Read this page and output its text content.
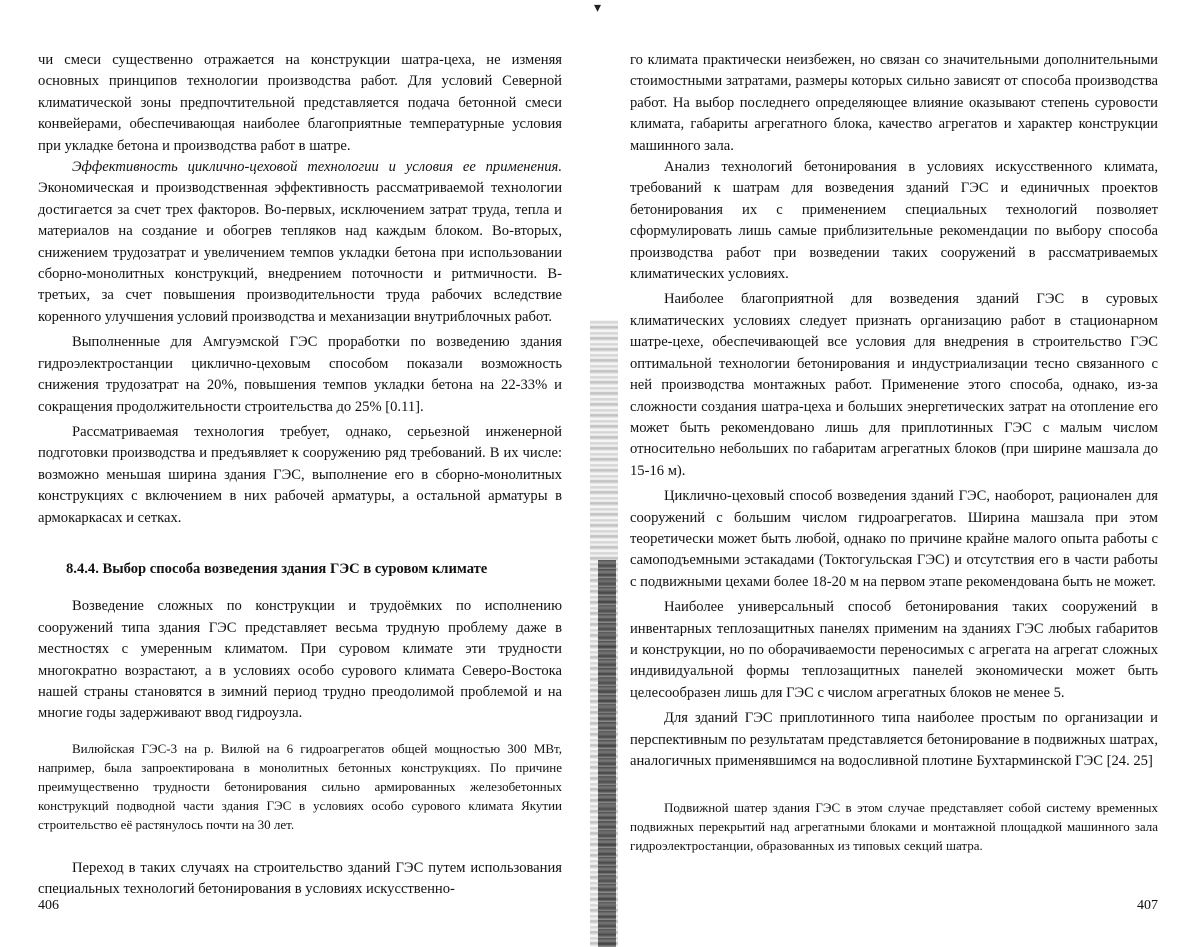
▾

чи смеси существенно отражается на конструкции шатра-цеха, не изменяя основных принципов технологии производства работ. Для условий Северной климатической зоны предпочтительной представляется подача бетонной смеси конвейерами, обеспечивающая наиболее благоприятные температурные условия при укладке бетона и производства работ в шатре.

Эффективность циклично-цеховой технологии и условия ее применения. Экономическая и производственная эффективность рассматриваемой технологии достигается за счет трех факторов. Во-первых, исключением затрат труда, тепла и материалов на создание и обогрев тепляков над каждым блоком. Во-вторых, снижением трудозатрат и увеличением темпов укладки бетона при использовании сборно-монолитных конструкций, внедрением поточности и ритмичности. В-третьих, за счет повышения производительности труда рабочих вследствие коренного улучшения условий производства и механизации внутриблочных работ.

Выполненные для Амгуэмской ГЭС проработки по возведению здания гидроэлектростанции циклично-цеховым способом показали возможность снижения трудозатрат на 20%, повышения темпов укладки бетона на 22-33% и сокращения продолжительности строительства до 25% [0.11].

Рассматриваемая технология требует, однако, серьезной инженерной подготовки производства и предъявляет к сооружению ряд требований. В их числе: возможно меньшая ширина здания ГЭС, выполнение его в сборно-монолитных конструкциях с включением в них рабочей арматуры, а остальной арматуры в армокаркасах и сетках.

8.4.4. Выбор способа возведения здания ГЭС в суровом климате

Возведение сложных по конструкции и трудоёмких по исполнению сооружений типа здания ГЭС представляет весьма трудную проблему даже в местностях с умеренным климатом. При суровом климате эти трудности многократно возрастают, а в условиях особо сурового климата Северо-Востока нашей страны становятся в зимний период трудно преодолимой проблемой и на многие годы задерживают ввод гидроузла.

Вилюйская ГЭС-3 на р. Вилюй на 6 гидроагрегатов общей мощностью 300 МВт, например, была запроектирована в монолитных бетонных конструкциях. По причине преимущественно трудности бетонирования сильно армированных железобетонных конструкций подводной части здания ГЭС в условиях особо сурового климата Якутии строительство её растянулось почти на 30 лет.

Переход в таких случаях на строительство зданий ГЭС путем использования специальных технологий бетонирования в условиях искусственно-

го климата практически неизбежен, но связан со значительными дополнительными стоимостными затратами, размеры которых сильно зависят от способа производства работ. На выбор последнего определяющее влияние оказывают степень суровости климата, габариты агрегатного блока, качество агрегатов и характер конструкции машинного зала.

Анализ технологий бетонирования в условиях искусственного климата, требований к шатрам для возведения зданий ГЭС и единичных проектов бетонирования их с применением специальных технологий позволяет сформулировать лишь самые приблизительные рекомендации по выбору способа производства работ при возведении таких сооружений в рассматриваемых климатических условиях.

Наиболее благоприятной для возведения зданий ГЭС в суровых климатических условиях следует признать организацию работ в стационарном шатре-цехе, обеспечивающей все условия для внедрения в строительство ГЭС оптимальной технологии бетонирования и индустриализации тесно связанного с ней производства монтажных работ. Применение этого способа, однако, из-за сложности создания шатра-цеха и больших энергетических затрат на отопление его может быть рекомендовано лишь для приплотинных ГЭС с малым числом относительно небольших по габаритам агрегатных блоков (при ширине машзала до 15-16 м).

Циклично-цеховый способ возведения зданий ГЭС, наоборот, рационален для сооружений с большим числом гидроагрегатов. Ширина машзала при этом теоретически может быть любой, однако по причине крайне малого опыта работы с самоподъемными эстакадами (Токтогульская ГЭС) и отсутствия его в части работы с подвижными цехами более 18-20 м на первом этапе рекомендована быть не может.

Наиболее универсальный способ бетонирования таких сооружений в инвентарных теплозащитных панелях применим на зданиях ГЭС любых габаритов и конструкции, но по оборачиваемости переносимых с агрегата на агрегат сложных индивидуальной формы теплозащитных панелей экономически может быть целесообразен лишь для ГЭС с числом агрегатных блоков не менее 5.

Для зданий ГЭС приплотинного типа наиболее простым по организации и перспективным по результатам представляется бетонирование в подвижных шатрах, аналогичных применявшимся на водосливной плотине Бухтарминской ГЭС [24. 25]

Подвижной шатер здания ГЭС в этом случае представляет собой систему временных подвижных перекрытий над агрегатными блоками и монтажной площадкой машинного зала гидроэлектростанции, образованных из типовых секций шатра.

406	407
